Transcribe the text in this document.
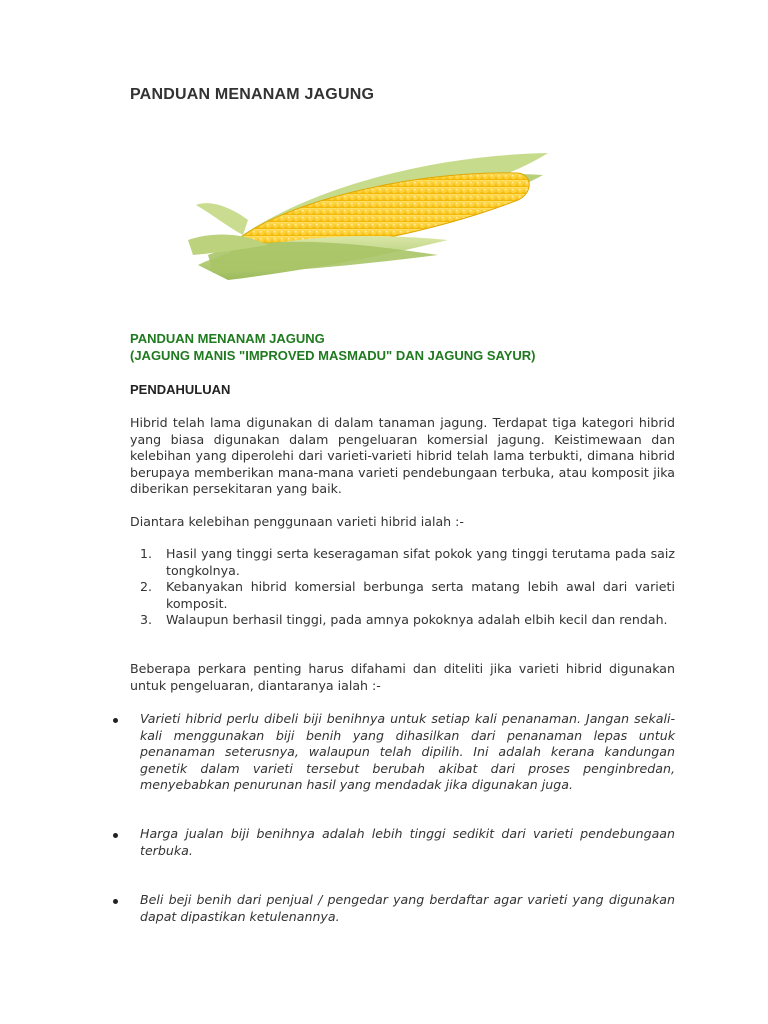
PANDUAN MENANAM JAGUNG
PANDUAN MENANAM JAGUNG
(JAGUNG MANIS "IMPROVED MASMADU" DAN JAGUNG SAYUR)
PENDAHULUAN
Hibrid telah lama digunakan di dalam tanaman jagung. Terdapat tiga kategori hibrid yang biasa digunakan dalam pengeluaran komersial jagung. Keistimewaan dan kelebihan yang diperolehi dari varieti-varieti hibrid telah lama terbukti, dimana hibrid berupaya memberikan mana-mana varieti pendebungaan terbuka, atau komposit jika diberikan persekitaran yang baik.
Diantara kelebihan penggunaan varieti hibrid ialah :-
1. Hasil yang tinggi serta keseragaman sifat pokok yang tinggi terutama pada saiz tongkolnya.
2. Kebanyakan hibrid komersial berbunga serta matang lebih awal dari varieti komposit.
3. Walaupun berhasil tinggi, pada amnya pokoknya adalah elbih kecil dan rendah.
Beberapa perkara penting harus difahami dan diteliti jika varieti hibrid digunakan untuk pengeluaran, diantaranya ialah :-
Varieti hibrid perlu dibeli biji benihnya untuk setiap kali penanaman. Jangan sekali-kali menggunakan biji benih yang dihasilkan dari penanaman lepas untuk penanaman seterusnya, walaupun telah dipilih. Ini adalah kerana kandungan genetik dalam varieti tersebut berubah akibat dari proses penginbredan, menyebabkan penurunan hasil yang mendadak jika digunakan juga.
Harga jualan biji benihnya adalah lebih tinggi sedikit dari varieti pendebungaan terbuka.
Beli beji benih dari penjual / pengedar yang berdaftar agar varieti yang digunakan dapat dipastikan ketulenannya.
